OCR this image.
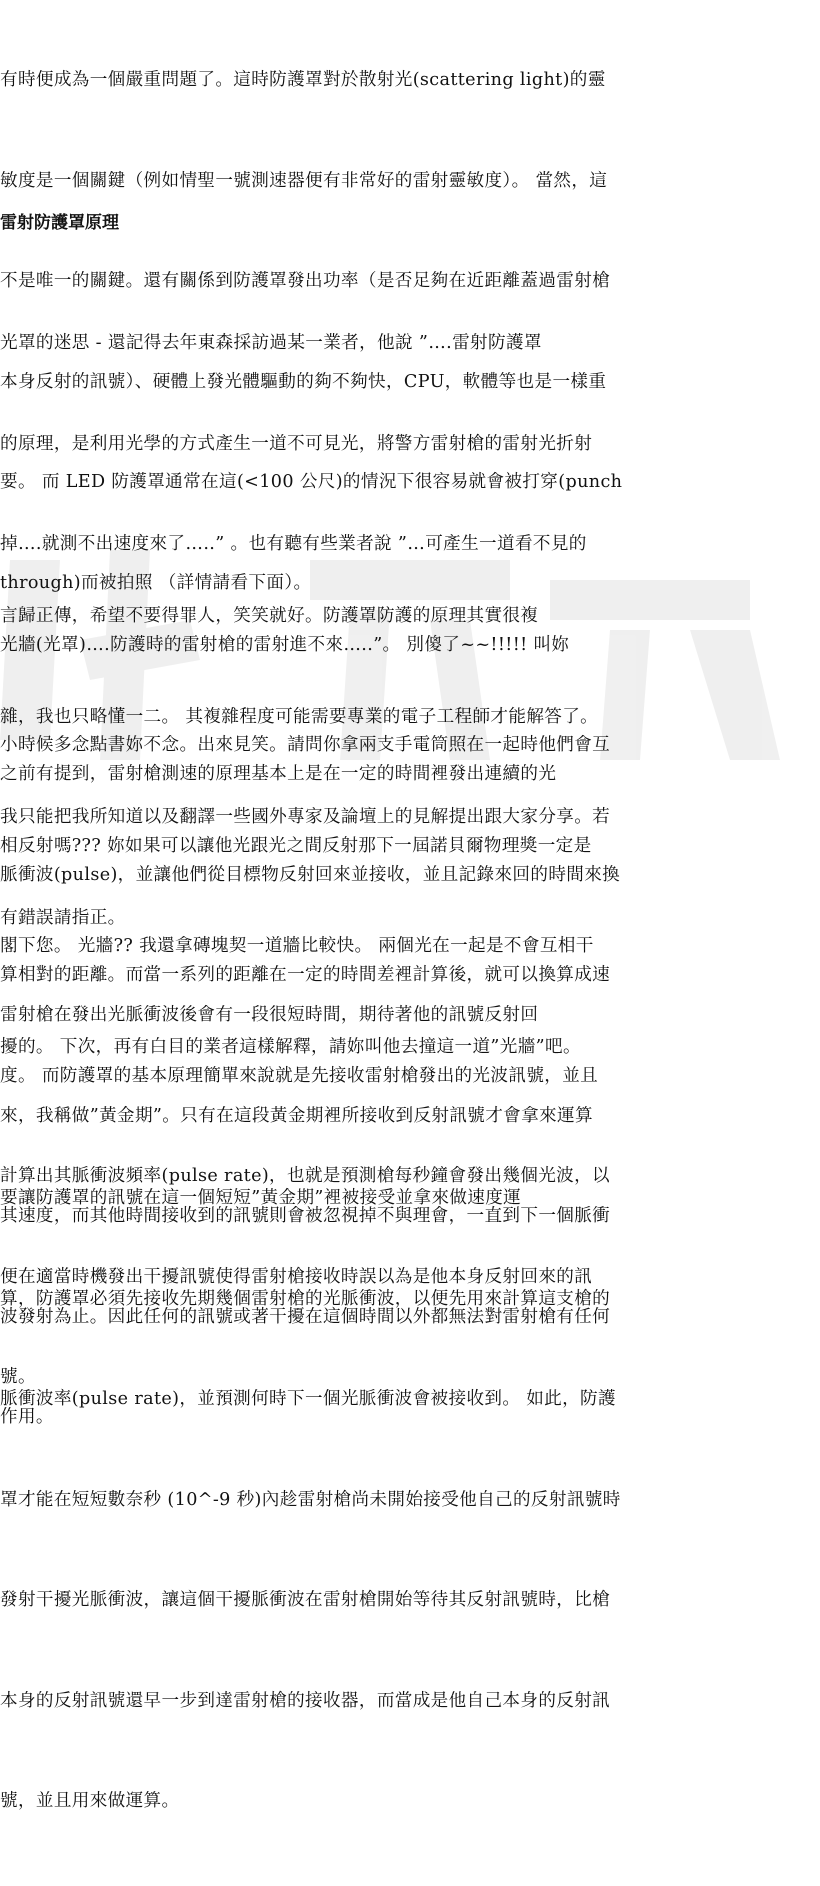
有時便成為一個嚴重問題了。這時防護罩對於散射光(scattering light)的靈

敏度是一個關鍵（例如情聖一號測速器便有非常好的雷射靈敏度）。 當然，這

不是唯一的關鍵。還有關係到防護罩發出功率（是否足夠在近距離蓋過雷射槍

本身反射的訊號）、硬體上發光體驅動的夠不夠快，CPU，軟體等也是一樣重

要。 而 LED 防護罩通常在這(<100 公尺)的情況下很容易就會被打穿(punch

through)而被拍照 （詳情請看下面）。

雷射防護罩原理

光罩的迷思 - 還記得去年東森採訪過某一業者，他說 ”….雷射防護罩

的原理，是利用光學的方式產生一道不可見光，將警方雷射槍的雷射光折射

掉….就測不出速度來了…..” 。也有聽有些業者說 ”…可產生一道看不見的

光牆(光罩)….防護時的雷射槍的雷射進不來…..”。 別傻了~~!!!!! 叫妳

小時候多念點書妳不念。出來見笑。請問你拿兩支手電筒照在一起時他們會互

相反射嗎??? 妳如果可以讓他光跟光之間反射那下一屆諾貝爾物理獎一定是

閣下您。 光牆?? 我還拿磚塊契一道牆比較快。 兩個光在一起是不會互相干

擾的。 下次，再有白目的業者這樣解釋，請妳叫他去撞這一道”光牆”吧。

言歸正傳，希望不要得罪人，笑笑就好。防護罩防護的原理其實很複

雜，我也只略懂一二。 其複雜程度可能需要專業的電子工程師才能解答了。

我只能把我所知道以及翻譯一些國外專家及論壇上的見解提出跟大家分享。若

有錯誤請指正。

之前有提到，雷射槍測速的原理基本上是在一定的時間裡發出連續的光

脈衝波(pulse)，並讓他們從目標物反射回來並接收，並且記錄來回的時間來換

算相對的距離。而當一系列的距離在一定的時間差裡計算後，就可以換算成速

度。 而防護罩的基本原理簡單來說就是先接收雷射槍發出的光波訊號，並且

計算出其脈衝波頻率(pulse rate)，也就是預測槍每秒鐘會發出幾個光波，以

便在適當時機發出干擾訊號使得雷射槍接收時誤以為是他本身反射回來的訊

號。

雷射槍在發出光脈衝波後會有一段很短時間，期待著他的訊號反射回

來，我稱做”黃金期”。只有在這段黃金期裡所接收到反射訊號才會拿來運算

其速度，而其他時間接收到的訊號則會被忽視掉不與理會，一直到下一個脈衝

波發射為止。因此任何的訊號或著干擾在這個時間以外都無法對雷射槍有任何

作用。

要讓防護罩的訊號在這一個短短”黃金期”裡被接受並拿來做速度運

算，防護罩必須先接收先期幾個雷射槍的光脈衝波，以便先用來計算這支槍的

脈衝波率(pulse rate)，並預測何時下一個光脈衝波會被接收到。 如此，防護

罩才能在短短數奈秒 (10^-9 秒)內趁雷射槍尚未開始接受他自己的反射訊號時

發射干擾光脈衝波，讓這個干擾脈衝波在雷射槍開始等待其反射訊號時，比槍

本身的反射訊號還早一步到達雷射槍的接收器，而當成是他自己本身的反射訊

號，並且用來做運算。
